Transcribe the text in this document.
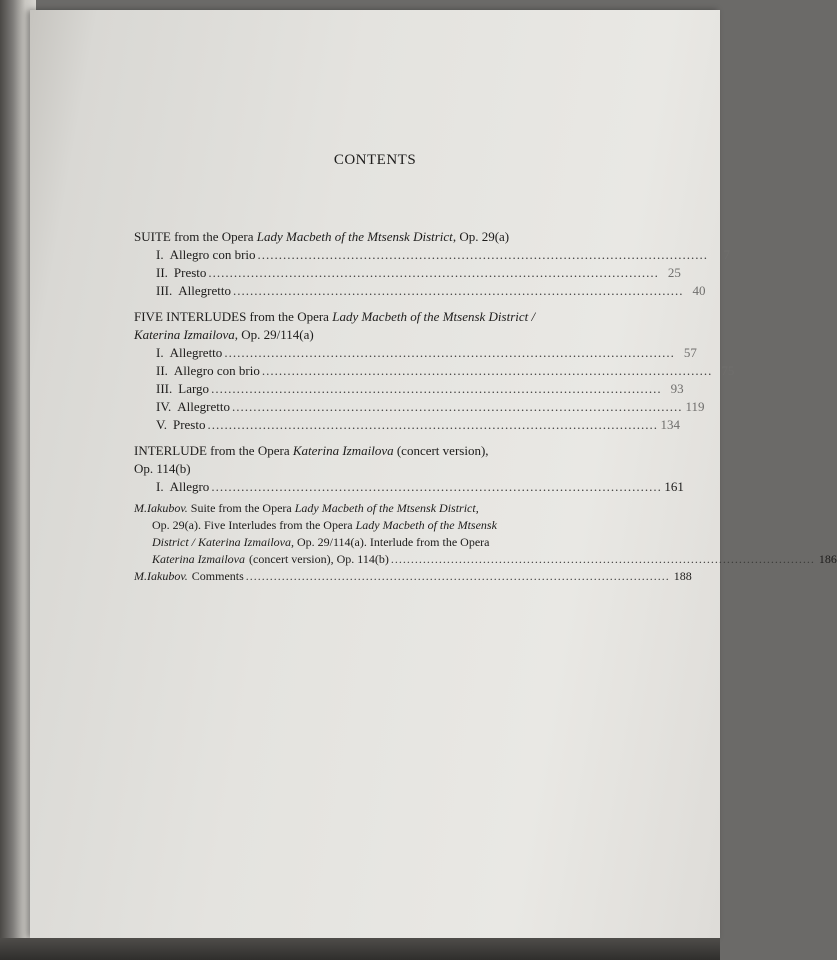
CONTENTS
SUITE from the Opera Lady Macbeth of the Mtsensk District, Op. 29(a)
I. Allegro con brio ..........................................................................................................	7
II. Presto .......................................................................................................... 25
III. Allegretto .......................................................................................................... 40
FIVE INTERLUDES from the Opera Lady Macbeth of the Mtsensk District /
Katerina Izmailova, Op. 29/114(a)
I. Allegretto .......................................................................................................... 57
II. Allegro con brio .......................................................................................................... 75
III. Largo .......................................................................................................... 93
IV. Allegretto .......................................................................................................... 119
V. Presto .......................................................................................................... 134
INTERLUDE from the Opera Katerina Izmailova (concert version),
Op. 114(b)
I. Allegro .......................................................................................................... 161
M.Iakubov. Suite from the Opera Lady Macbeth of the Mtsensk District,
Op. 29(a). Five Interludes from the Opera Lady Macbeth of the Mtsensk
District / Katerina Izmailova, Op. 29/114(a). Interlude from the Opera
Katerina Izmailova (concert version), Op. 114(b) .......................................................................................................... 186
M.Iakubov. Comments .......................................................................................................... 188
